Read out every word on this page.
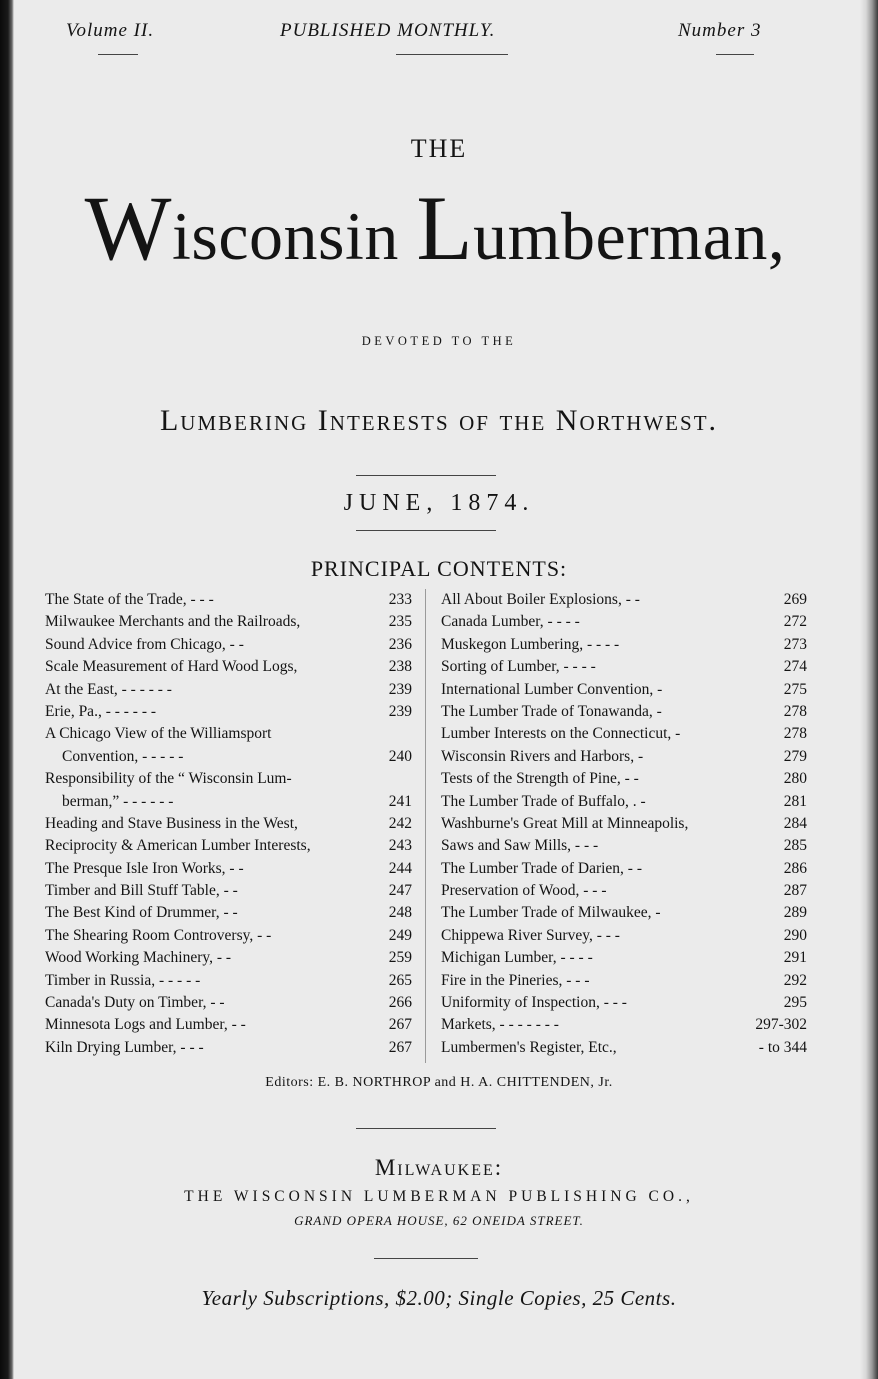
Volume II.	PUBLISHED MONTHLY.	Number 3
THE
Wisconsin Lumberman,
DEVOTED TO THE
Lumbering Interests of the Northwest.
JUNE, 1874.
PRINCIPAL CONTENTS:
The State of the Trade, - - -	233
Milwaukee Merchants and the Railroads,	235
Sound Advice from Chicago, - -	236
Scale Measurement of Hard Wood Logs,	238
At the East, - - - - - -	239
Erie, Pa., - - - - - -	239
A Chicago View of the Williamsport
Convention, - - - - -	240
Responsibility of the “ Wisconsin Lum-
berman,” - - - - - -	241
Heading and Stave Business in the West,	242
Reciprocity & American Lumber Interests,	243
The Presque Isle Iron Works, - -	244
Timber and Bill Stuff Table, - -	247
The Best Kind of Drummer, - -	248
The Shearing Room Controversy, - -	249
Wood Working Machinery, - -	259
Timber in Russia, - - - - -	265
Canada's Duty on Timber, - -	266
Minnesota Logs and Lumber, - -	267
Kiln Drying Lumber, - - -	267
All About Boiler Explosions, - -	269
Canada Lumber, - - - -	272
Muskegon Lumbering, - - - -	273
Sorting of Lumber, - - - -	274
International Lumber Convention, -	275
The Lumber Trade of Tonawanda, -	278
Lumber Interests on the Connecticut, -	278
Wisconsin Rivers and Harbors, -	279
Tests of the Strength of Pine, - -	280
The Lumber Trade of Buffalo, . -	281
Washburne's Great Mill at Minneapolis,	284
Saws and Saw Mills, - - -	285
The Lumber Trade of Darien, - -	286
Preservation of Wood, - - -	287
The Lumber Trade of Milwaukee, -	289
Chippewa River Survey, - - -	290
Michigan Lumber, - - - -	291
Fire in the Pineries, - - -	292
Uniformity of Inspection, - - -	295
Markets, - - - - - - -	297-302
Lumbermen's Register, Etc.,	- to 344
Editors: E. B. NORTHROP and H. A. CHITTENDEN, Jr.
Milwaukee:
THE WISCONSIN LUMBERMAN PUBLISHING CO.,
GRAND OPERA HOUSE, 62 ONEIDA STREET.
Yearly Subscriptions, $2.00; Single Copies, 25 Cents.
